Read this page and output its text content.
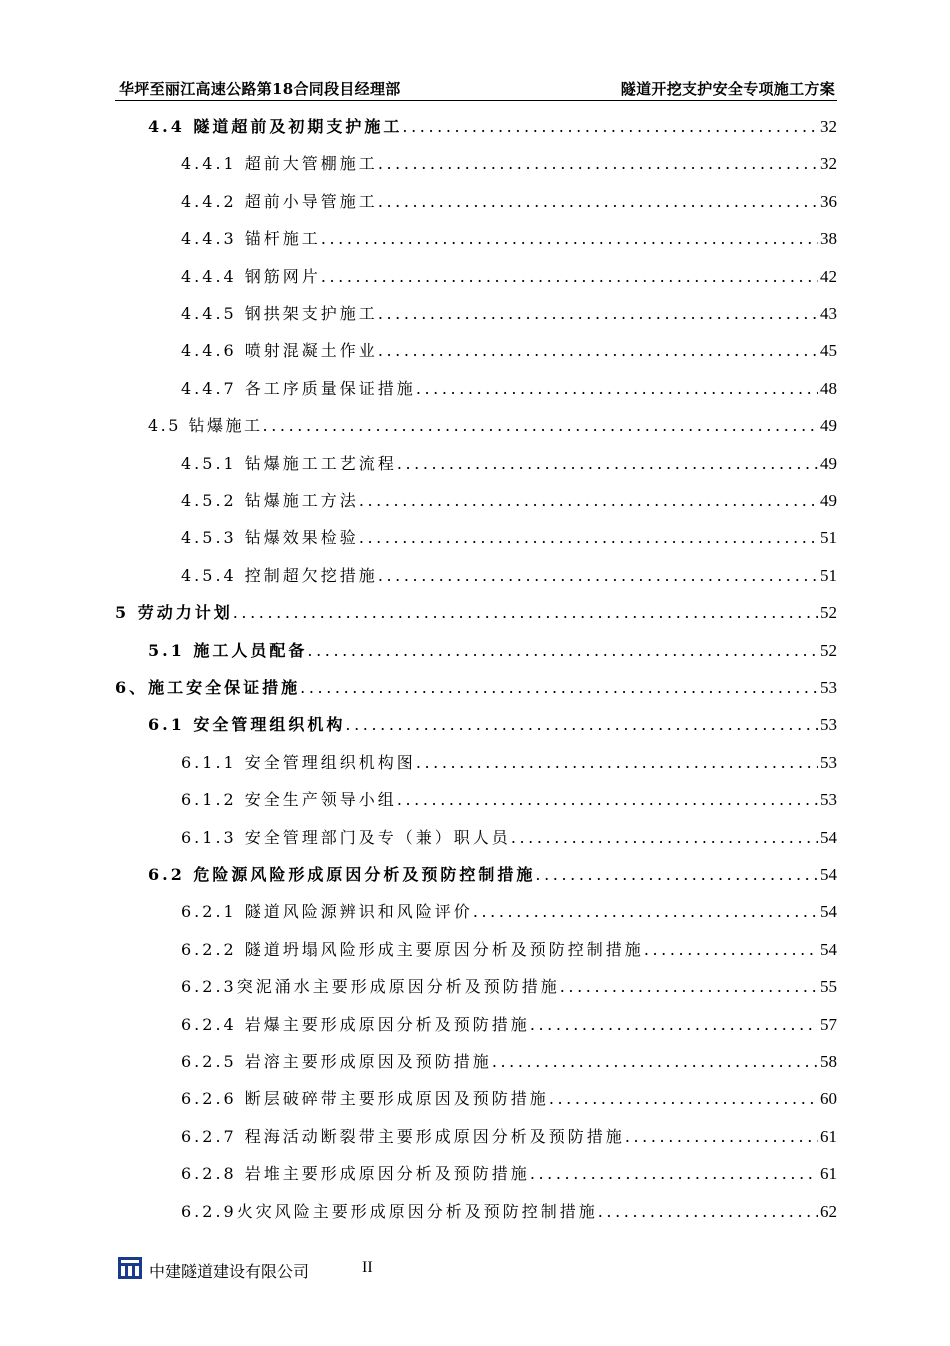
华坪至丽江高速公路第18合同段目经理部	隧道开挖支护安全专项施工方案
4.4 隧道超前及初期支护施工 .....	32
4.4.1 超前大管棚施工 .....	32
4.4.2 超前小导管施工 .....	36
4.4.3 锚杆施工 .....	38
4.4.4 钢筋网片 .....	42
4.4.5 钢拱架支护施工 .....	43
4.4.6 喷射混凝土作业 .....	45
4.4.7 各工序质量保证措施 .....	48
4.5 钻爆施工 .....	49
4.5.1 钻爆施工工艺流程 .....	49
4.5.2 钻爆施工方法 .....	49
4.5.3 钻爆效果检验 .....	51
4.5.4 控制超欠挖措施 .....	51
5 劳动力计划 .....	52
5.1 施工人员配备 .....	52
6、施工安全保证措施 .....	53
6.1 安全管理组织机构 .....	53
6.1.1 安全管理组织机构图 .....	53
6.1.2 安全生产领导小组 .....	53
6.1.3 安全管理部门及专（兼）职人员 .....	54
6.2 危险源风险形成原因分析及预防控制措施 .....	54
6.2.1 隧道风险源辨识和风险评价 .....	54
6.2.2 隧道坍塌风险形成主要原因分析及预防控制措施 .....	54
6.2.3突泥涌水主要形成原因分析及预防措施 .....	55
6.2.4 岩爆主要形成原因分析及预防措施 .....	57
6.2.5 岩溶主要形成原因及预防措施 .....	58
6.2.6 断层破碎带主要形成原因及预防措施 .....	60
6.2.7 程海活动断裂带主要形成原因分析及预防措施 .....	61
6.2.8 岩堆主要形成原因分析及预防措施 .....	61
6.2.9火灾风险主要形成原因分析及预防控制措施 .....	62
中建隧道建设有限公司	II
